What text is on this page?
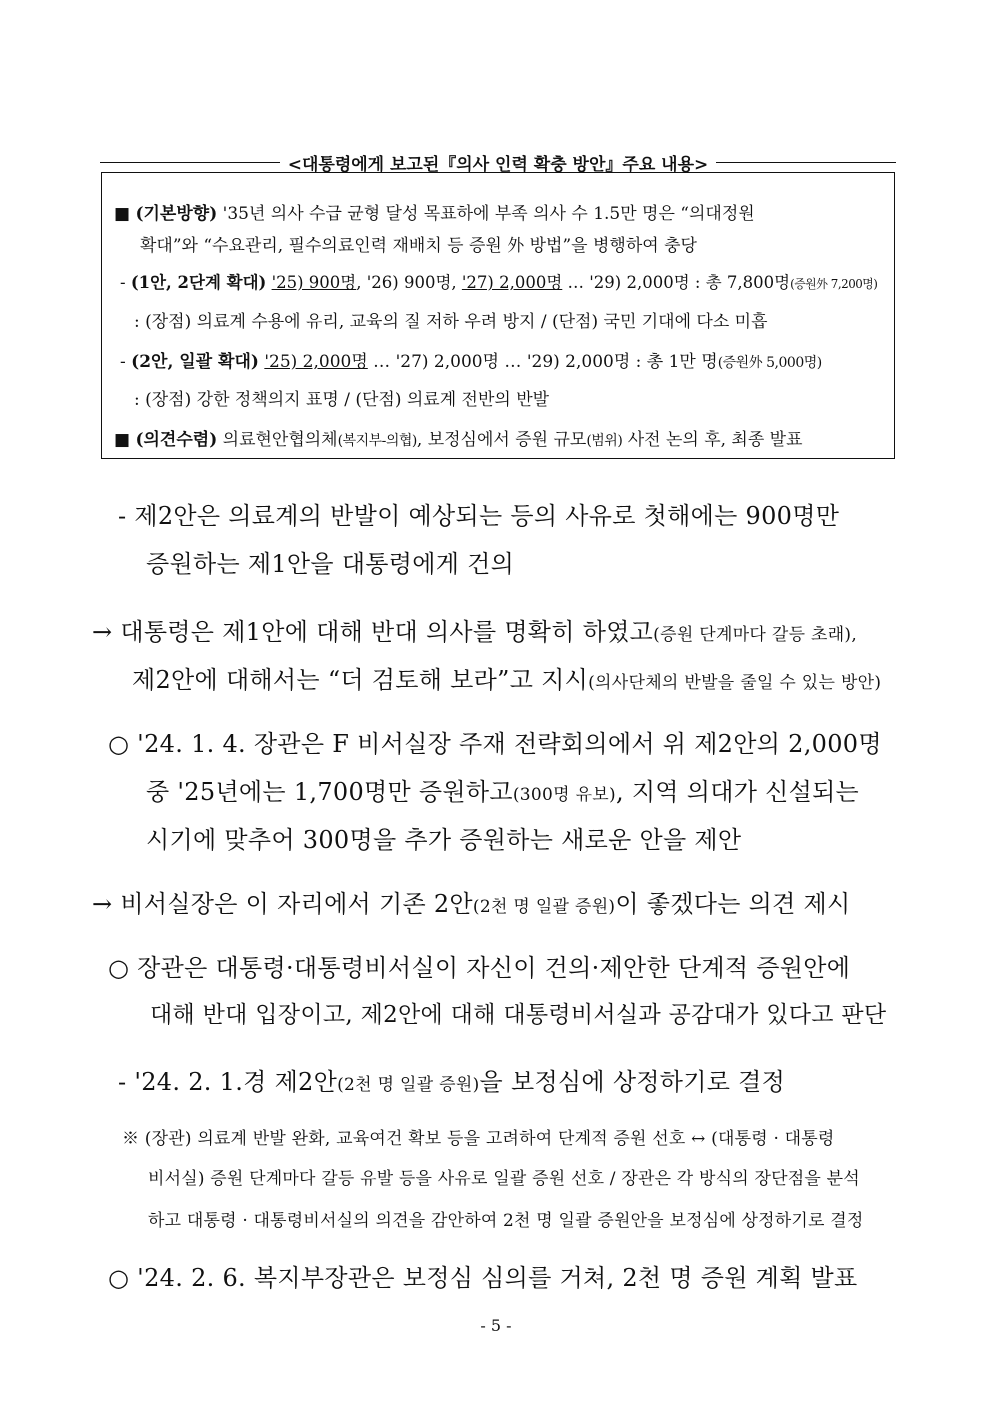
<대통령에게 보고된『의사 인력 확충 방안』주요 내용>
■ (기본방향) '35년 의사 수급 균형 달성 목표하에 부족 의사 수 1.5만 명은 “의대정원
확대”와 “수요관리, 필수의료인력 재배치 등 증원 外 방법”을 병행하여 충당
- (1안, 2단계 확대) '25) 900명, '26) 900명, '27) 2,000명 … '29) 2,000명 : 총 7,800명(증원外 7,200명)
: (장점) 의료계 수용에 유리, 교육의 질 저하 우려 방지 / (단점) 국민 기대에 다소 미흡
- (2안, 일괄 확대) '25) 2,000명 … '27) 2,000명 … '29) 2,000명 : 총 1만 명(증원外 5,000명)
: (장점) 강한 정책의지 표명 / (단점) 의료계 전반의 반발
■ (의견수렴) 의료현안협의체(복지부-의협), 보정심에서 증원 규모(범위) 사전 논의 후, 최종 발표
- 제2안은 의료계의 반발이 예상되는 등의 사유로 첫해에는 900명만
증원하는 제1안을 대통령에게 건의
→ 대통령은 제1안에 대해 반대 의사를 명확히 하였고(증원 단계마다 갈등 초래),
제2안에 대해서는 “더 검토해 보라”고 지시(의사단체의 반발을 줄일 수 있는 방안)
○ '24. 1. 4. 장관은 F 비서실장 주재 전략회의에서 위 제2안의 2,000명
중 '25년에는 1,700명만 증원하고(300명 유보), 지역 의대가 신설되는
시기에 맞추어 300명을 추가 증원하는 새로운 안을 제안
→ 비서실장은 이 자리에서 기존 2안(2천 명 일괄 증원)이 좋겠다는 의견 제시
○ 장관은 대통령·대통령비서실이 자신이 건의·제안한 단계적 증원안에
대해 반대 입장이고, 제2안에 대해 대통령비서실과 공감대가 있다고 판단
- '24. 2. 1.경 제2안(2천 명 일괄 증원)을 보정심에 상정하기로 결정
※ (장관) 의료계 반발 완화, 교육여건 확보 등을 고려하여 단계적 증원 선호 ↔ (대통령 · 대통령
비서실) 증원 단계마다 갈등 유발 등을 사유로 일괄 증원 선호 / 장관은 각 방식의 장단점을 분석
하고 대통령 · 대통령비서실의 의견을 감안하여 2천 명 일괄 증원안을 보정심에 상정하기로 결정
○ '24. 2. 6. 복지부장관은 보정심 심의를 거쳐, 2천 명 증원 계획 발표
- 5 -
